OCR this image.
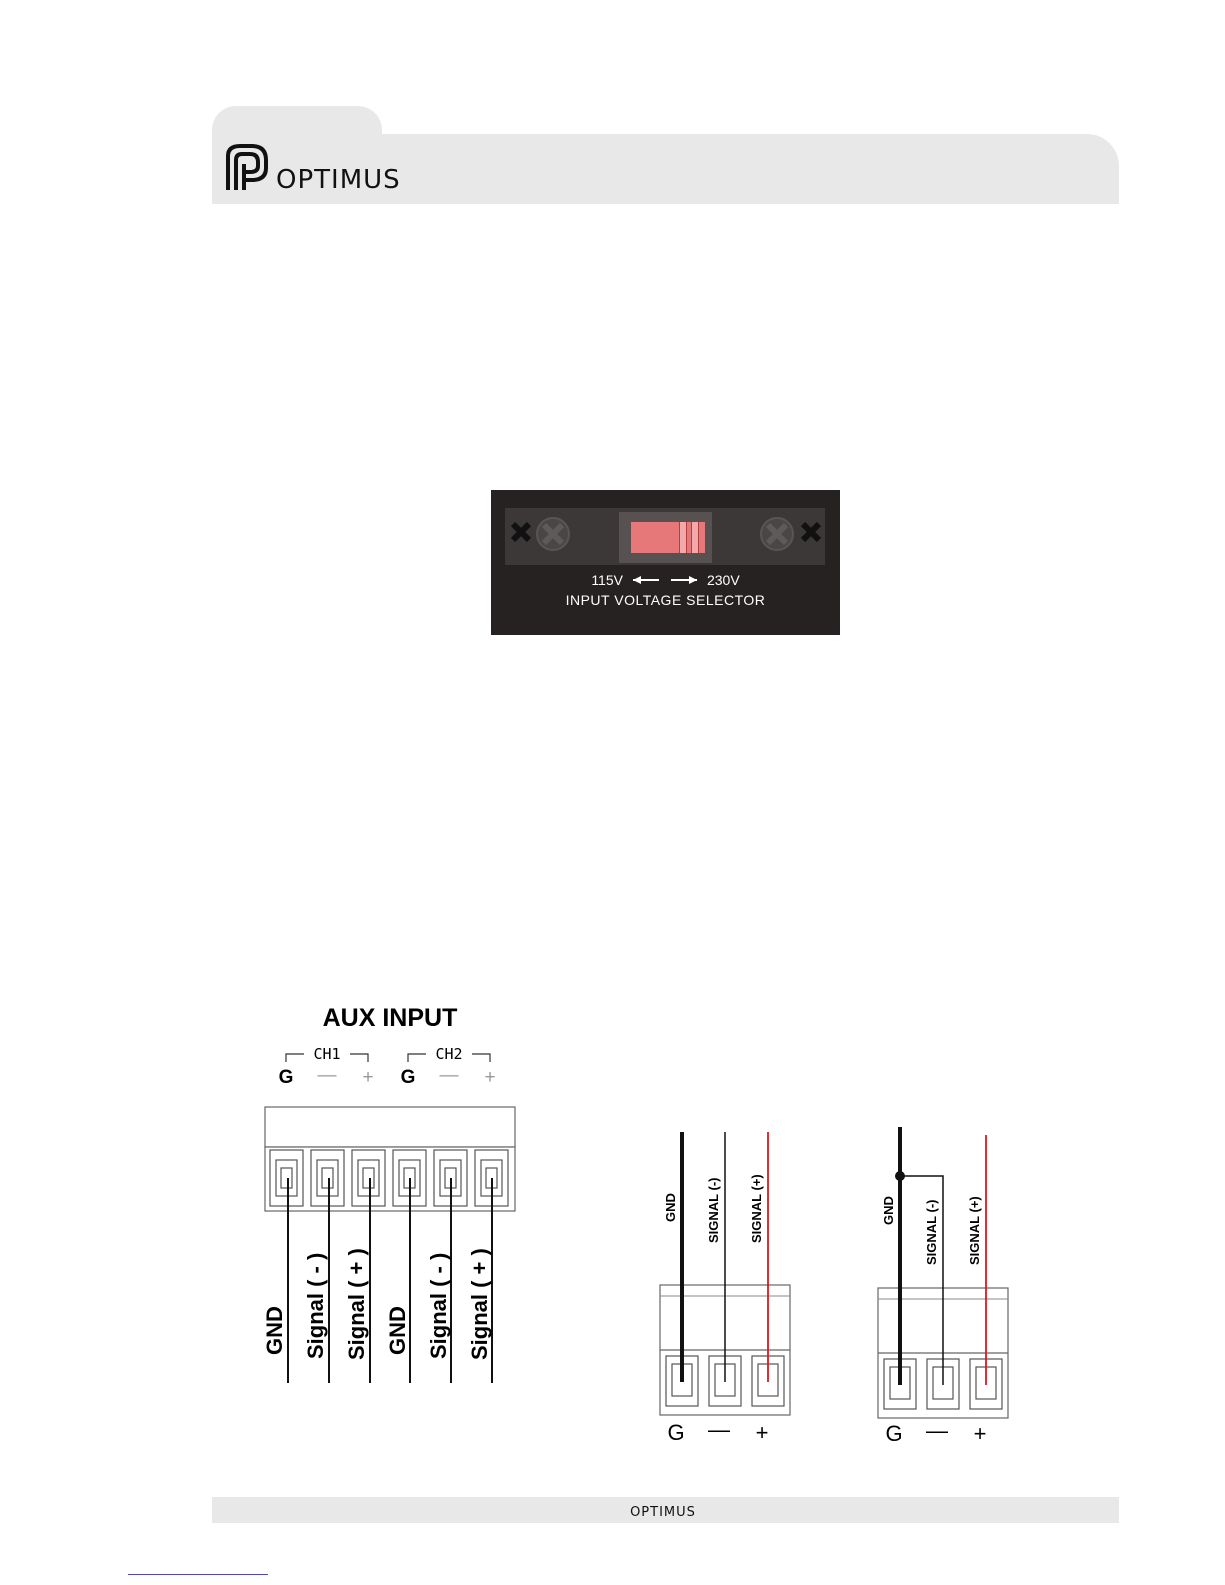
OPTIMUS
115V	230V
INPUT VOLTAGE SELECTOR
AUX INPUT
CH1	CH2
G — + G — +
GND Signal ( - ) Signal ( + ) GND Signal ( - ) Signal ( + )
GND SIGNAL (-) SIGNAL (+)
G — +
GND SIGNAL (-) SIGNAL (+)
G — +
OPTIMUS
